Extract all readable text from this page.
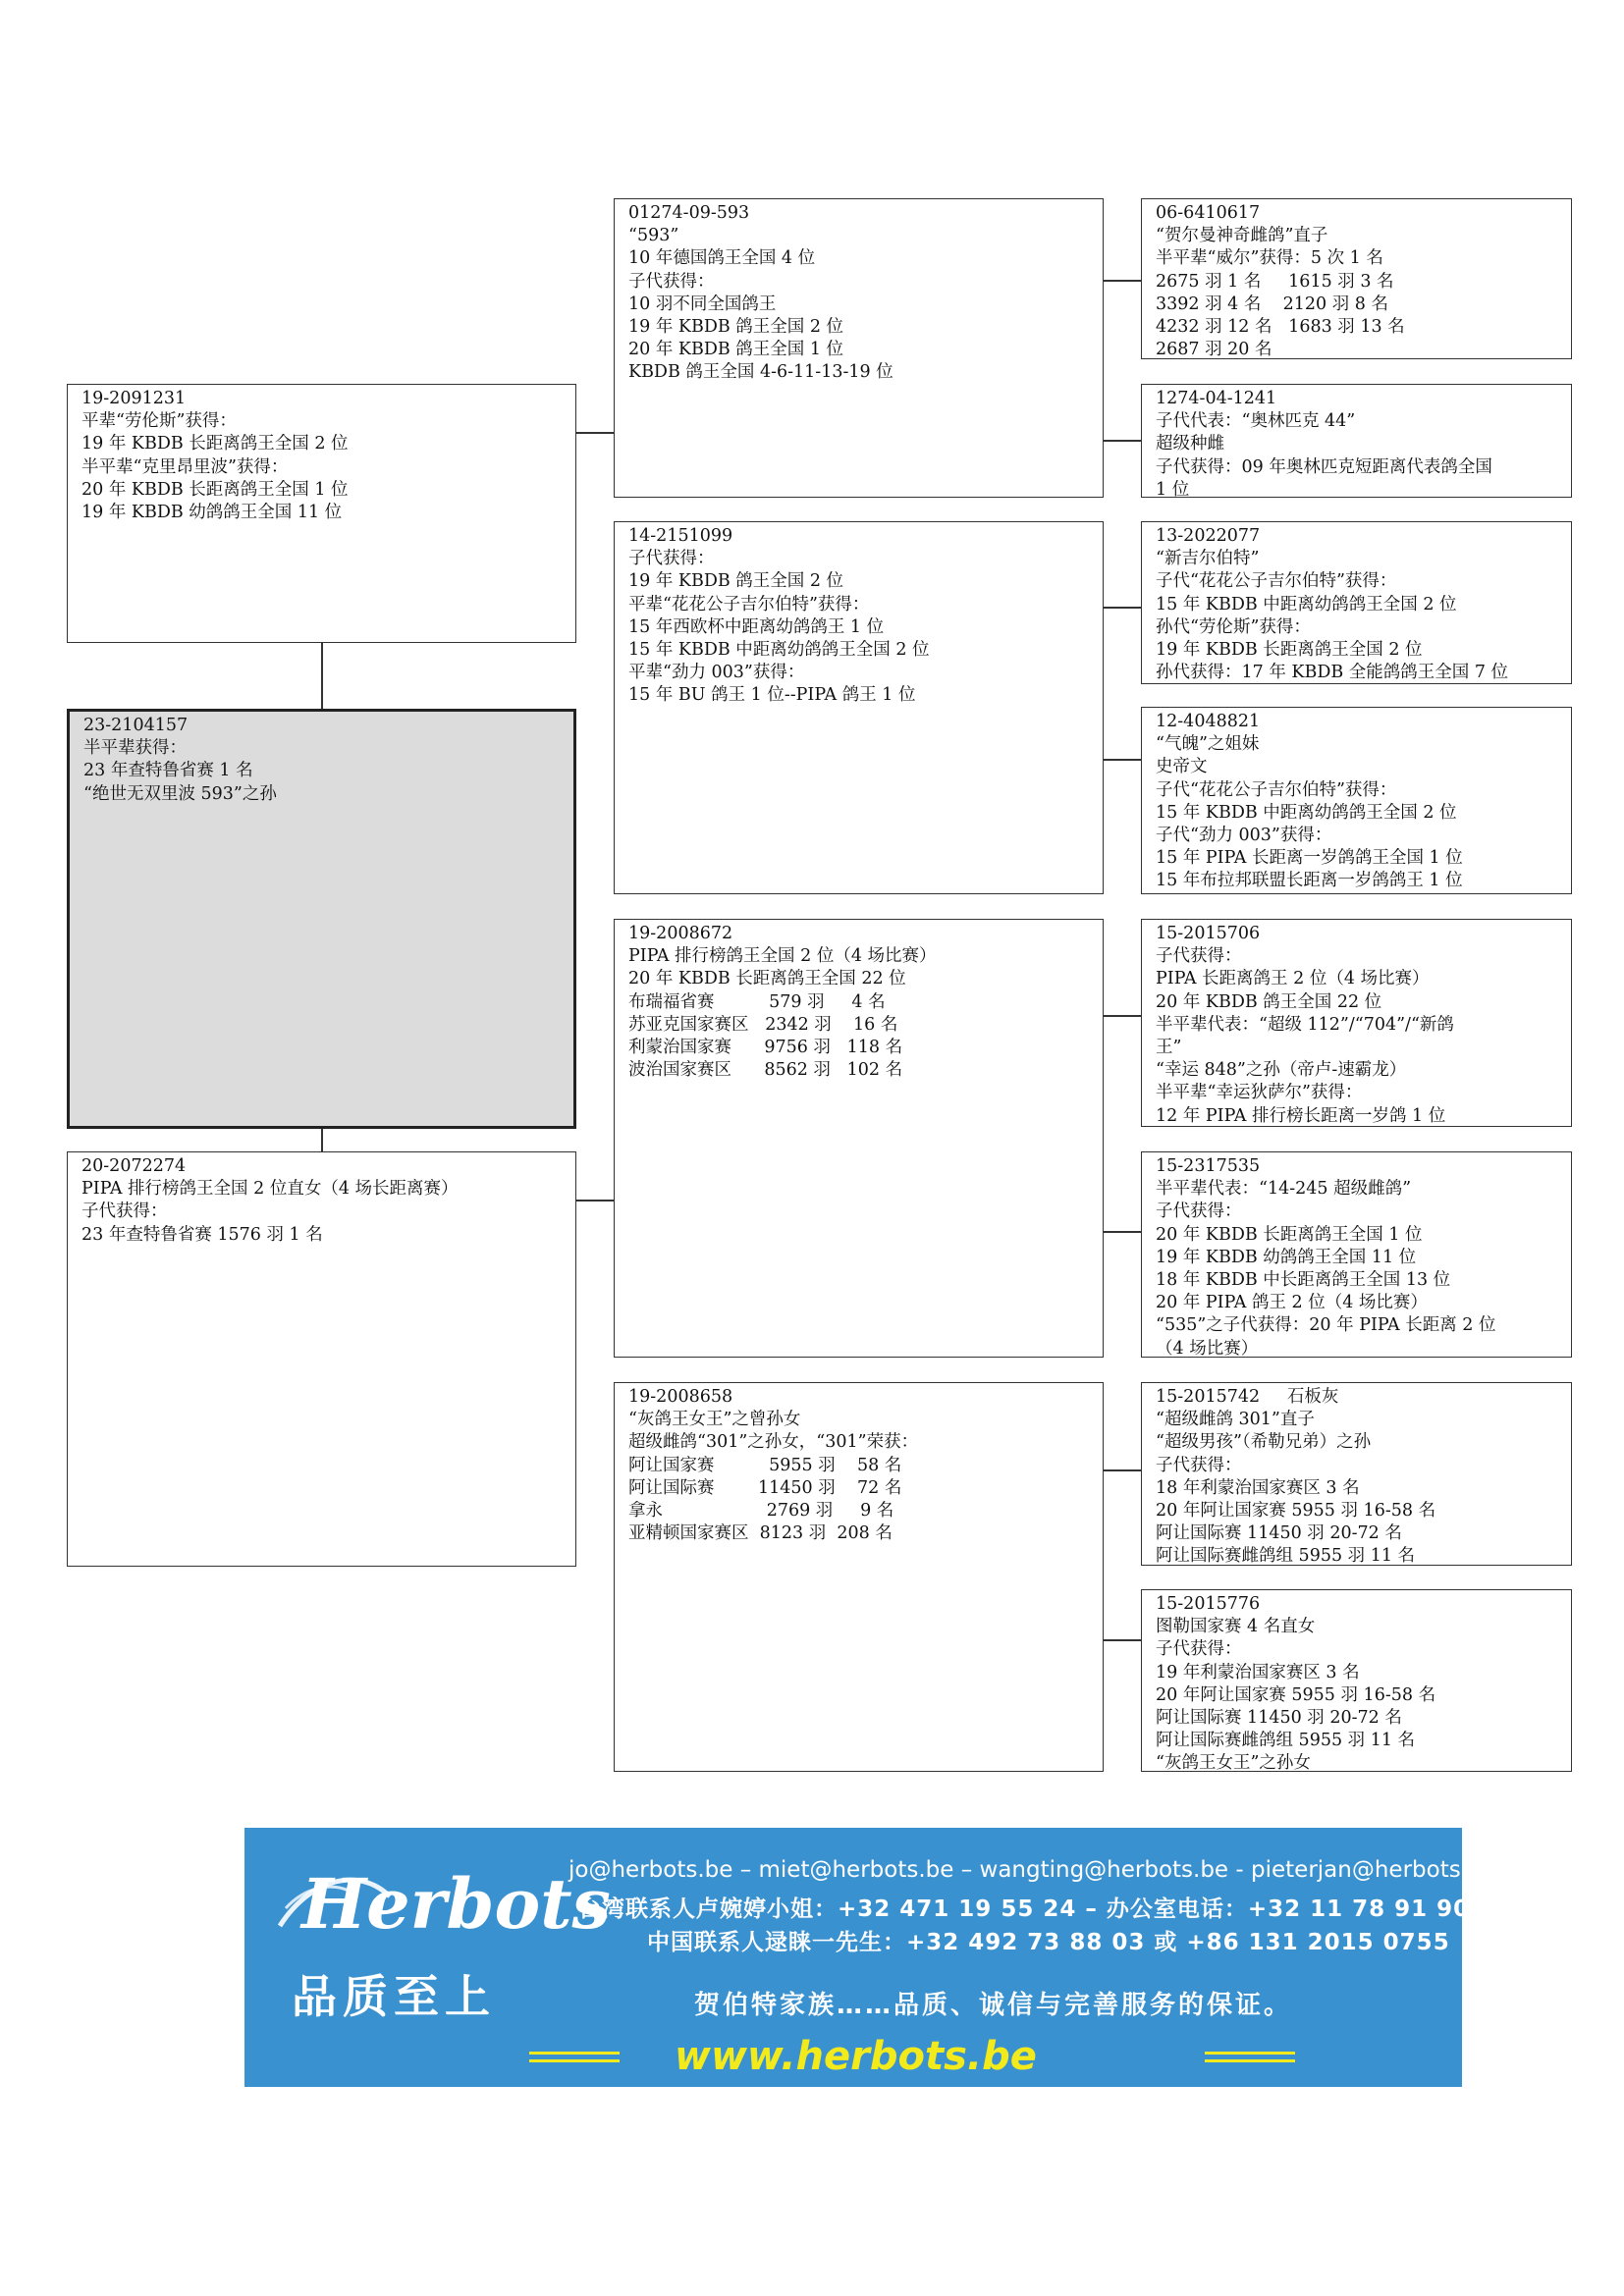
19-2091231
平辈“劳伦斯”获得：
19 年 KBDB 长距离鸽王全国 2 位
半平辈“克里昂里波”获得：
20 年 KBDB 长距离鸽王全国 1 位
19 年 KBDB 幼鸽鸽王全国 11 位
23-2104157
半平辈获得：
23 年查特鲁省赛 1 名
“绝世无双里波 593”之孙
20-2072274
PIPA 排行榜鸽王全国 2 位直女（4 场长距离赛）
子代获得：
23 年查特鲁省赛 1576 羽 1 名
01274-09-593
“593”
10 年德国鸽王全国 4 位
子代获得：
10 羽不同全国鸽王
19 年 KBDB 鸽王全国 2 位
20 年 KBDB 鸽王全国 1 位
KBDB 鸽王全国 4-6-11-13-19 位
14-2151099
子代获得：
19 年 KBDB 鸽王全国 2 位
平辈“花花公子吉尔伯特”获得：
15 年西欧杯中距离幼鸽鸽王 1 位
15 年 KBDB 中距离幼鸽鸽王全国 2 位
平辈“劲力 003”获得：
15 年 BU 鸽王 1 位--PIPA 鸽王 1 位
19-2008672
PIPA 排行榜鸽王全国 2 位（4 场比赛）
20 年 KBDB 长距离鸽王全国 22 位
布瑞福省赛          579 羽     4 名
苏亚克国家赛区   2342 羽    16 名
利蒙治国家赛      9756 羽   118 名
波治国家赛区      8562 羽   102 名
19-2008658
“灰鸽王女王”之曾孙女
超级雌鸽“301”之孙女，“301”荣获：
阿让国家赛          5955 羽    58 名
阿让国际赛        11450 羽    72 名
拿永                   2769 羽     9 名
亚精顿国家赛区  8123 羽  208 名
06-6410617
“贺尔曼神奇雌鸽”直子
半平辈“威尔”获得：5 次 1 名
2675 羽 1 名     1615 羽 3 名
3392 羽 4 名    2120 羽 8 名
4232 羽 12 名   1683 羽 13 名
2687 羽 20 名
1274-04-1241
子代代表：“奥林匹克 44”
超级种雌
子代获得：09 年奥林匹克短距离代表鸽全国
1 位
13-2022077
“新吉尔伯特”
子代“花花公子吉尔伯特”获得：
15 年 KBDB 中距离幼鸽鸽王全国 2 位
孙代“劳伦斯”获得：
19 年 KBDB 长距离鸽王全国 2 位
孙代获得：17 年 KBDB 全能鸽鸽王全国 7 位
12-4048821
“气魄”之姐妹
史帝文
子代“花花公子吉尔伯特”获得：
15 年 KBDB 中距离幼鸽鸽王全国 2 位
子代“劲力 003”获得：
15 年 PIPA 长距离一岁鸽鸽王全国 1 位
15 年布拉邦联盟长距离一岁鸽鸽王 1 位
15-2015706
子代获得：
PIPA 长距离鸽王 2 位（4 场比赛）
20 年 KBDB 鸽王全国 22 位
半平辈代表：“超级 112”/“704”/“新鸽
王”
“幸运 848”之孙（帝卢-速霸龙）
半平辈“幸运狄萨尔”获得：
12 年 PIPA 排行榜长距离一岁鸽 1 位
15-2317535
半平辈代表：“14-245 超级雌鸽”
子代获得：
20 年 KBDB 长距离鸽王全国 1 位
19 年 KBDB 幼鸽鸽王全国 11 位
18 年 KBDB 中长距离鸽王全国 13 位
20 年 PIPA 鸽王 2 位（4 场比赛）
“535”之子代获得：20 年 PIPA 长距离 2 位
（4 场比赛）
15-2015742     石板灰
“超级雌鸽 301”直子
“超级男孩”（希勒兄弟）之孙
子代获得：
18 年利蒙治国家赛区 3 名
20 年阿让国家赛 5955 羽 16-58 名
阿让国际赛 11450 羽 20-72 名
阿让国际赛雌鸽组 5955 羽 11 名
15-2015776
图勒国家赛 4 名直女
子代获得：
19 年利蒙治国家赛区 3 名
20 年阿让国家赛 5955 羽 16-58 名
阿让国际赛 11450 羽 20-72 名
阿让国际赛雌鸽组 5955 羽 11 名
“灰鸽王女王”之孙女
Herbots
品质至上
jo@herbots.be – miet@herbots.be – wangting@herbots.be - pieterjan@herbots.be
台湾联系人卢婉婷小姐：+32 471 19 55 24 – 办公室电话：+32 11 78 91 90
中国联系人逯睐一先生：+32 492 73 88 03 或 +86 131 2015 0755
贺伯特家族……品质、诚信与完善服务的保证。
www.herbots.be
